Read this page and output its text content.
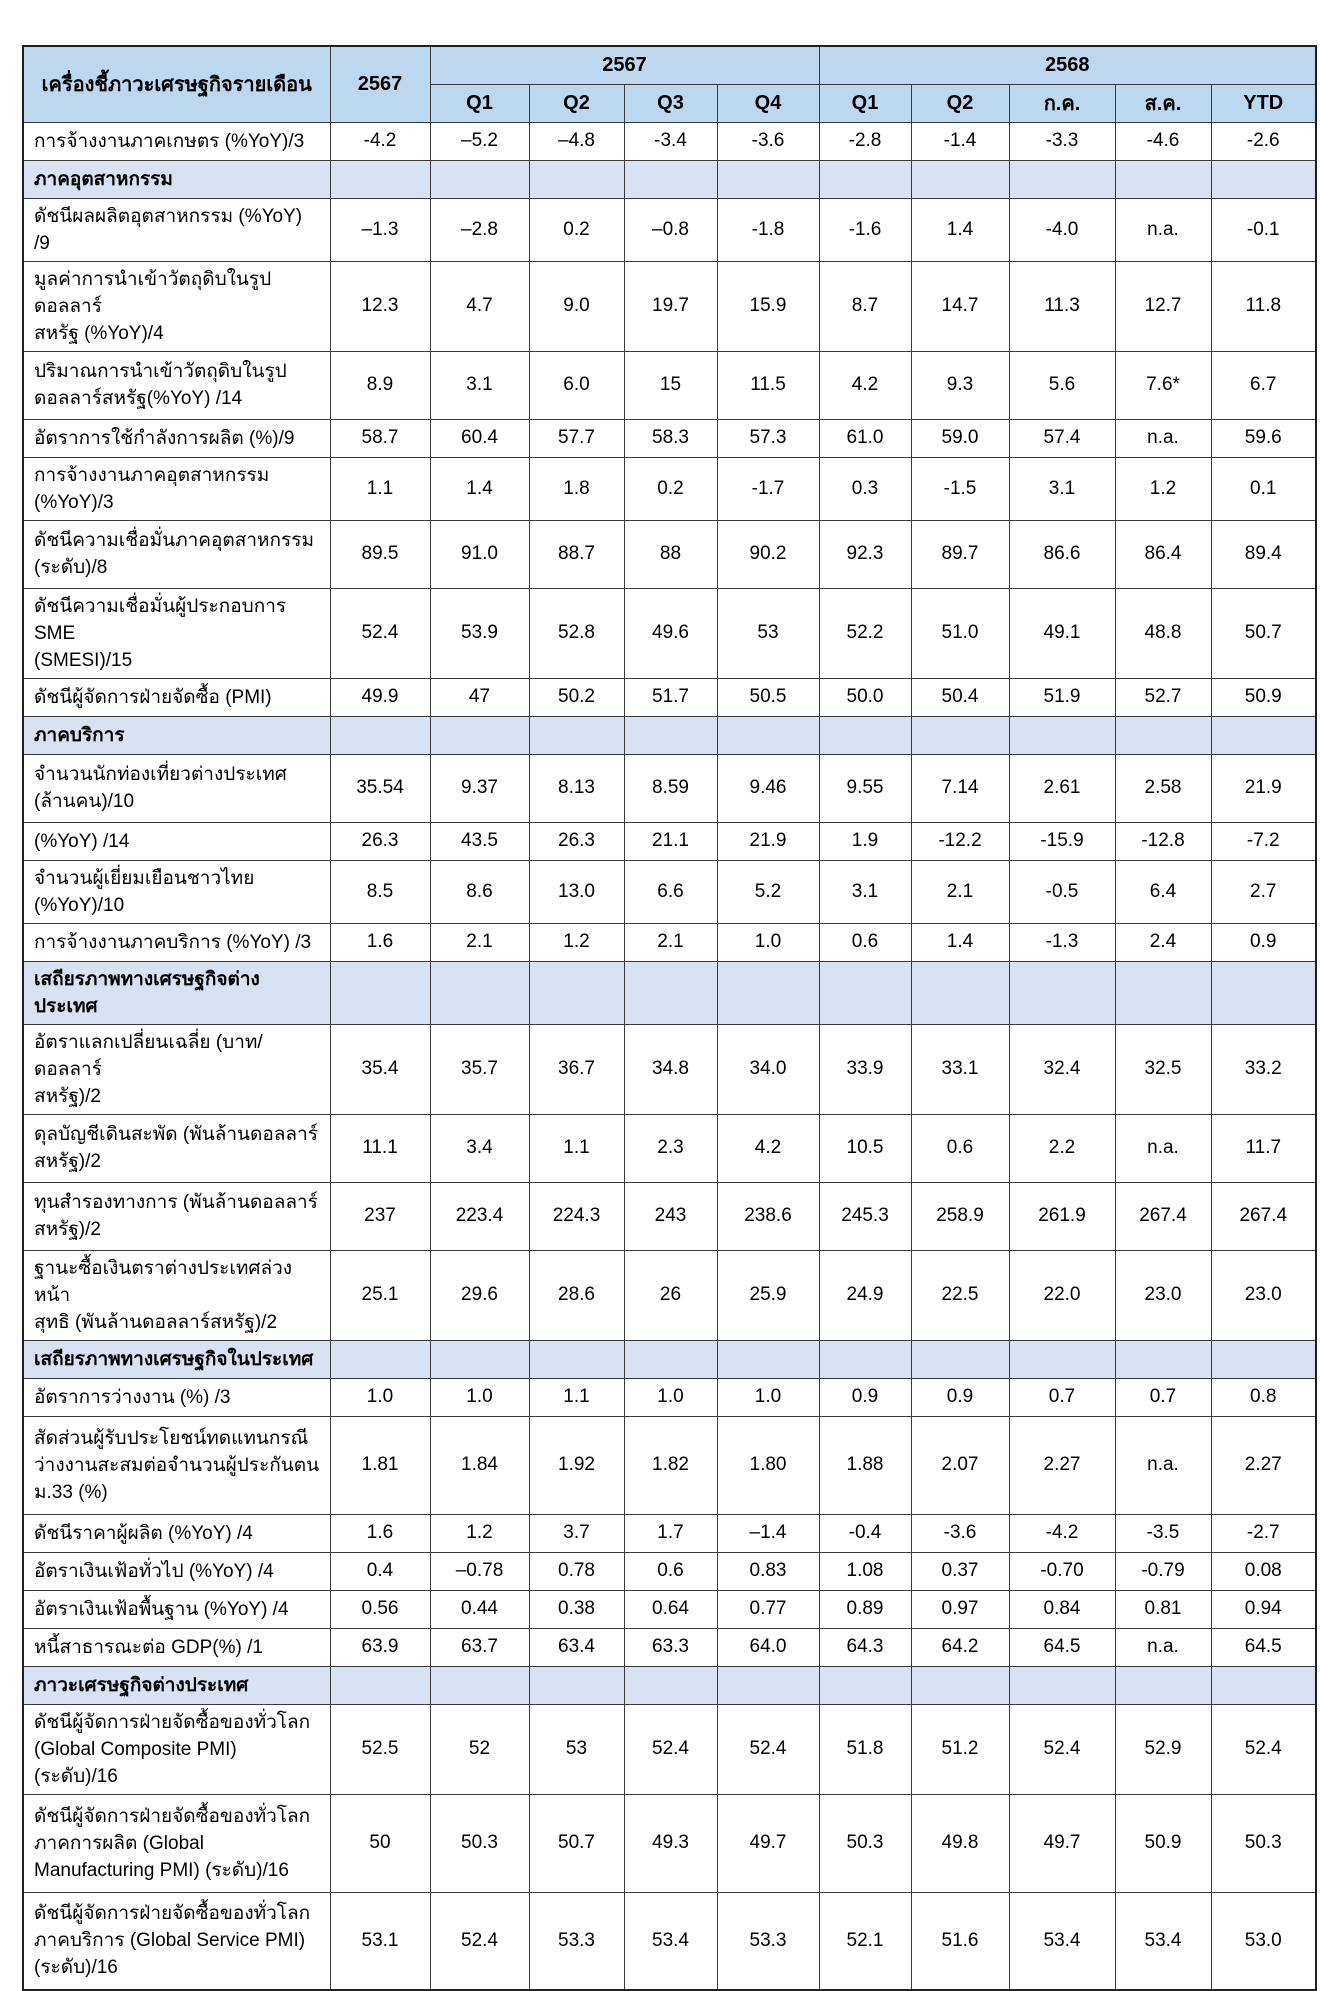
เครื่องชี้ภาวะเศรษฐกิจรายเดือน	2567	2567				2568				
		Q1	Q2	Q3	Q4	Q1	Q2	ก.ค.	ส.ค.	YTD
การจ้างงานภาคเกษตร (%YoY)/3	-4.2	–5.2	–4.8	-3.4	-3.6	-2.8	-1.4	-3.3	-4.6	-2.6
ภาคอุตสาหกรรม										
ดัชนีผลผลิตอุตสาหกรรม (%YoY) /9	–1.3	–2.8	0.2	–0.8	-1.8	-1.6	1.4	-4.0	n.a.	-0.1
มูลค่าการนำเข้าวัตถุดิบในรูปดอลลาร์
สหรัฐ (%YoY)/4	12.3	4.7	9.0	19.7	15.9	8.7	14.7	11.3	12.7	11.8
ปริมาณการนำเข้าวัตถุดิบในรูป
ดอลลาร์สหรัฐ(%YoY) /14	8.9	3.1	6.0	15	11.5	4.2	9.3	5.6	7.6*	6.7
อัตราการใช้กำลังการผลิต (%)/9	58.7	60.4	57.7	58.3	57.3	61.0	59.0	57.4	n.a.	59.6
การจ้างงานภาคอุตสาหกรรม (%YoY)/3	1.1	1.4	1.8	0.2	-1.7	0.3	-1.5	3.1	1.2	0.1
ดัชนีความเชื่อมั่นภาคอุตสาหกรรม
(ระดับ)/8	89.5	91.0	88.7	88	90.2	92.3	89.7	86.6	86.4	89.4
ดัชนีความเชื่อมั่นผู้ประกอบการ SME
(SMESI)/15	52.4	53.9	52.8	49.6	53	52.2	51.0	49.1	48.8	50.7
ดัชนีผู้จัดการฝ่ายจัดซื้อ (PMI)	49.9	47	50.2	51.7	50.5	50.0	50.4	51.9	52.7	50.9
ภาคบริการ										
จำนวนนักท่องเที่ยวต่างประเทศ
(ล้านคน)/10	35.54	9.37	8.13	8.59	9.46	9.55	7.14	2.61	2.58	21.9
(%YoY) /14	26.3	43.5	26.3	21.1	21.9	1.9	-12.2	-15.9	-12.8	-7.2
จำนวนผู้เยี่ยมเยือนชาวไทย (%YoY)/10	8.5	8.6	13.0	6.6	5.2	3.1	2.1	-0.5	6.4	2.7
การจ้างงานภาคบริการ (%YoY) /3	1.6	2.1	1.2	2.1	1.0	0.6	1.4	-1.3	2.4	0.9
เสถียรภาพทางเศรษฐกิจต่างประเทศ										
อัตราแลกเปลี่ยนเฉลี่ย (บาท/ดอลลาร์
สหรัฐ)/2	35.4	35.7	36.7	34.8	34.0	33.9	33.1	32.4	32.5	33.2
ดุลบัญชีเดินสะพัด (พันล้านดอลลาร์
สหรัฐ)/2	11.1	3.4	1.1	2.3	4.2	10.5	0.6	2.2	n.a.	11.7
ทุนสำรองทางการ (พันล้านดอลลาร์
สหรัฐ)/2	237	223.4	224.3	243	238.6	245.3	258.9	261.9	267.4	267.4
ฐานะซื้อเงินตราต่างประเทศล่วงหน้า
สุทธิ (พันล้านดอลลาร์สหรัฐ)/2	25.1	29.6	28.6	26	25.9	24.9	22.5	22.0	23.0	23.0
เสถียรภาพทางเศรษฐกิจในประเทศ										
อัตราการว่างงาน (%) /3	1.0	1.0	1.1	1.0	1.0	0.9	0.9	0.7	0.7	0.8
สัดส่วนผู้รับประโยชน์ทดแทนกรณี
ว่างงานสะสมต่อจำนวนผู้ประกันตน
ม.33 (%)	1.81	1.84	1.92	1.82	1.80	1.88	2.07	2.27	n.a.	2.27
ดัชนีราคาผู้ผลิต (%YoY) /4	1.6	1.2	3.7	1.7	–1.4	-0.4	-3.6	-4.2	-3.5	-2.7
อัตราเงินเฟ้อทั่วไป (%YoY) /4	0.4	–0.78	0.78	0.6	0.83	1.08	0.37	-0.70	-0.79	0.08
อัตราเงินเฟ้อพื้นฐาน (%YoY) /4	0.56	0.44	0.38	0.64	0.77	0.89	0.97	0.84	0.81	0.94
หนี้สาธารณะต่อ GDP(%) /1	63.9	63.7	63.4	63.3	64.0	64.3	64.2	64.5	n.a.	64.5
ภาวะเศรษฐกิจต่างประเทศ										
ดัชนีผู้จัดการฝ่ายจัดซื้อของทั่วโลก
(Global Composite PMI) (ระดับ)/16	52.5	52	53	52.4	52.4	51.8	51.2	52.4	52.9	52.4
ดัชนีผู้จัดการฝ่ายจัดซื้อของทั่วโลก
ภาคการผลิต (Global
Manufacturing PMI) (ระดับ)/16	50	50.3	50.7	49.3	49.7	50.3	49.8	49.7	50.9	50.3
ดัชนีผู้จัดการฝ่ายจัดซื้อของทั่วโลก
ภาคบริการ (Global Service PMI)
(ระดับ)/16	53.1	52.4	53.3	53.4	53.3	52.1	51.6	53.4	53.4	53.0
